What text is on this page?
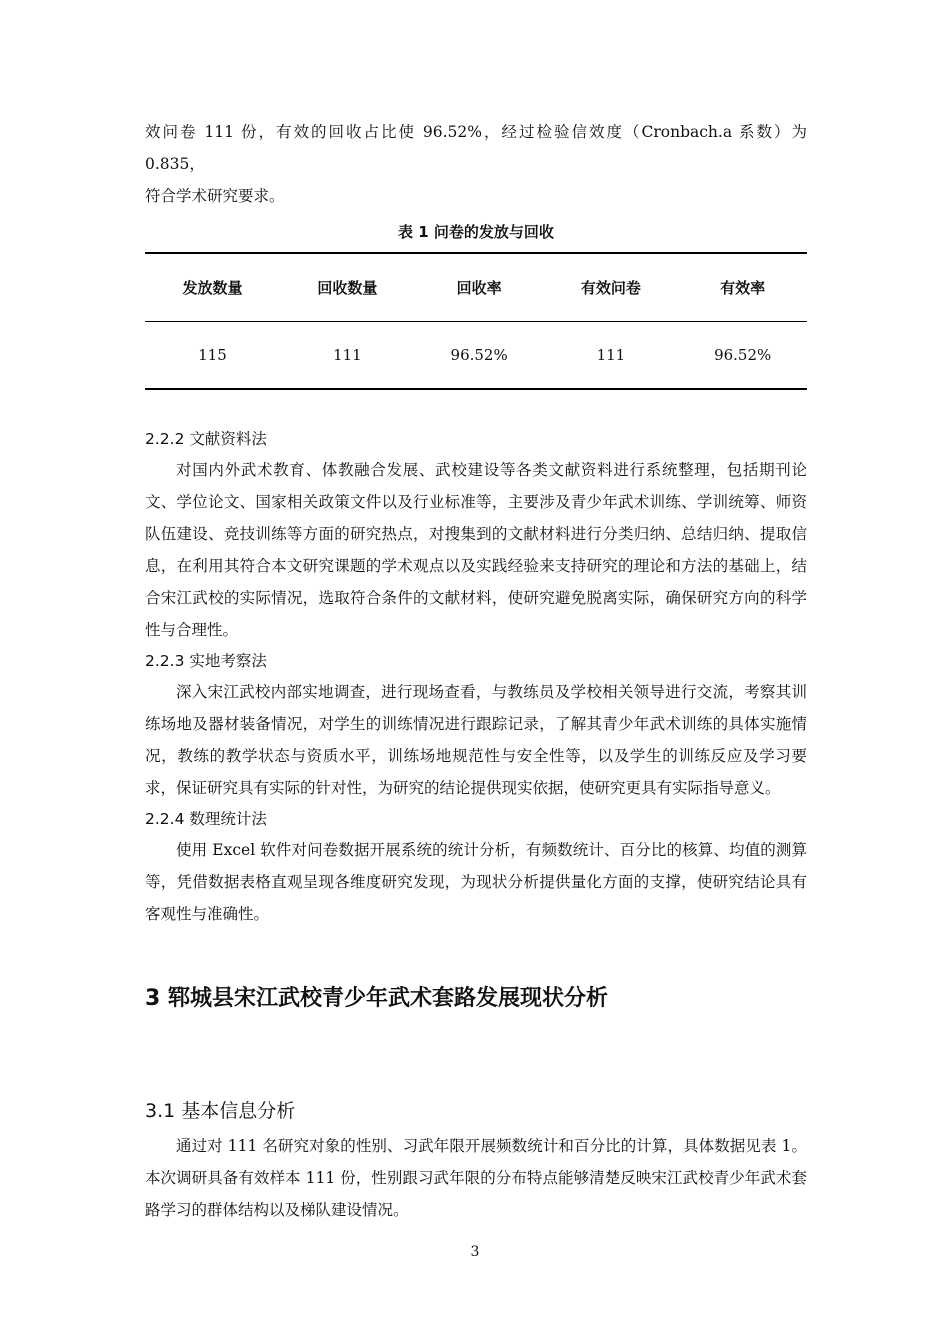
效问卷 111 份，有效的回收占比使 96.52%，经过检验信效度（Cronbach.a 系数）为 0.835，

符合学术研究要求。

表 1 问卷的发放与回收
发放数量	回收数量	回收率	有效问卷	有效率
115	111	96.52%	111	96.52%
2.2.2 文献资料法

对国内外武术教育、体教融合发展、武校建设等各类文献资料进行系统整理，包括期刊论文、学位论文、国家相关政策文件以及行业标准等，主要涉及青少年武术训练、学训统筹、师资队伍建设、竞技训练等方面的研究热点，对搜集到的文献材料进行分类归纳、总结归纳、提取信息，在利用其符合本文研究课题的学术观点以及实践经验来支持研究的理论和方法的基础上，结合宋江武校的实际情况，选取符合条件的文献材料，使研究避免脱离实际，确保研究方向的科学性与合理性。

2.2.3 实地考察法

深入宋江武校内部实地调查，进行现场查看，与教练员及学校相关领导进行交流，考察其训练场地及器材装备情况，对学生的训练情况进行跟踪记录，了解其青少年武术训练的具体实施情况，教练的教学状态与资质水平，训练场地规范性与安全性等，以及学生的训练反应及学习要求，保证研究具有实际的针对性，为研究的结论提供现实依据，使研究更具有实际指导意义。

2.2.4 数理统计法

使用 Excel 软件对问卷数据开展系统的统计分析，有频数统计、百分比的核算、均值的测算等，凭借数据表格直观呈现各维度研究发现，为现状分析提供量化方面的支撑，使研究结论具有客观性与准确性。

3 郓城县宋江武校青少年武术套路发展现状分析
3.1 基本信息分析

通过对 111 名研究对象的性别、习武年限开展频数统计和百分比的计算，具体数据见表 1。本次调研具备有效样本 111 份，性别跟习武年限的分布特点能够清楚反映宋江武校青少年武术套路学习的群体结构以及梯队建设情况。

3
